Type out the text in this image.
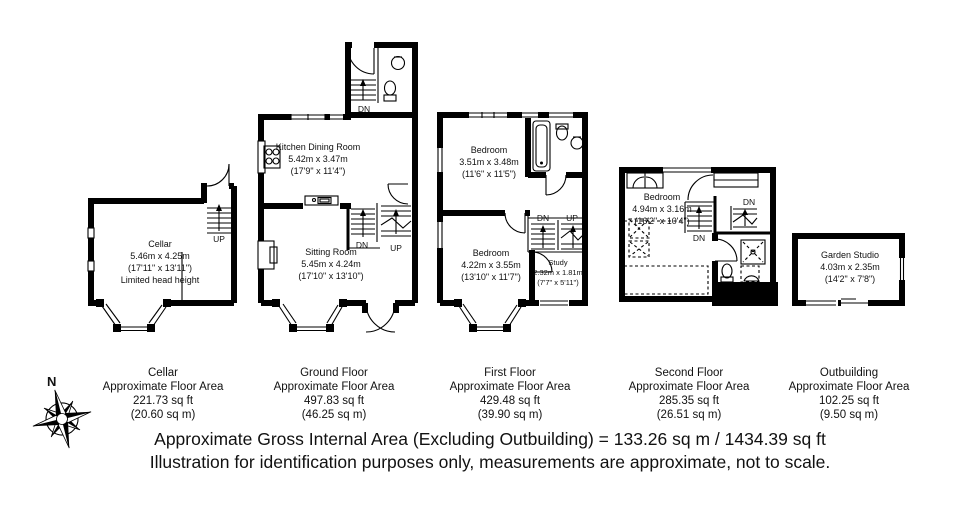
N
Cellar
5.46m x 4.25m
(17'11" x 13'11")
Limited head height
Kitchen Dining Room
5.42m x 3.47m
(17'9" x 11'4")
Sitting Room
5.45m x 4.24m
(17'10" x 13'10")
Bedroom
3.51m x 3.48m
(11'6" x 11'5")
Bedroom
4.22m x 3.55m
(13'10" x 11'7")
Study
2.32m x 1.81m
(7'7" x 5'11")
Bedroom
4.94m x 3.16m
(16'2" x 10'4")
Garden Studio
4.03m x 2.35m
(14'2" x 7'8")
UP
DN
DN	UP
DN UP
DN
DN
Cellar
Approximate Floor Area
221.73 sq ft
(20.60 sq m)
Ground Floor
Approximate Floor Area
497.83 sq ft
(46.25 sq m)
First Floor
Approximate Floor Area
429.48 sq ft
(39.90 sq m)
Second Floor
Approximate Floor Area
285.35 sq ft
(26.51 sq m)
Outbuilding
Approximate Floor Area
102.25 sq ft
(9.50 sq m)
Approximate Gross Internal Area (Excluding Outbuilding) = 133.26 sq m / 1434.39 sq ft
Illustration for identification purposes only, measurements are approximate, not to scale.
